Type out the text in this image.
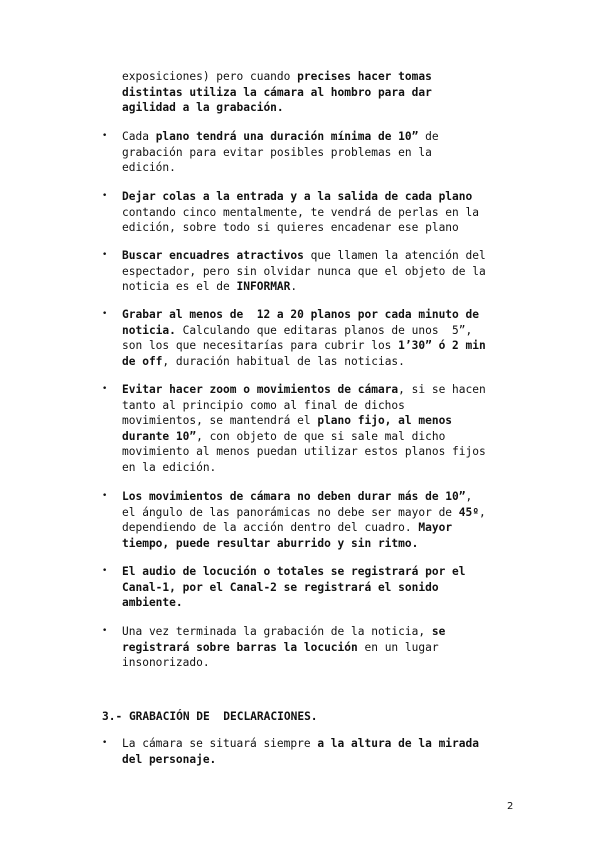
exposiciones) pero cuando precises hacer tomas
distintas utiliza la cámara al hombro para dar
agilidad a la grabación.
• Cada plano tendrá una duración mínima de 10” de
grabación para evitar posibles problemas en la
edición.
• Dejar colas a la entrada y a la salida de cada plano
contando cinco mentalmente, te vendrá de perlas en la
edición, sobre todo si quieres encadenar ese plano
• Buscar encuadres atractivos que llamen la atención del
espectador, pero sin olvidar nunca que el objeto de la
noticia es el de INFORMAR.
• Grabar al menos de  12 a 20 planos por cada minuto de
noticia. Calculando que editaras planos de unos  5”,
son los que necesitarías para cubrir los 1’30” ó 2 min
de off, duración habitual de las noticias.
• Evitar hacer zoom o movimientos de cámara, si se hacen
tanto al principio como al final de dichos
movimientos, se mantendrá el plano fijo, al menos
durante 10”, con objeto de que si sale mal dicho
movimiento al menos puedan utilizar estos planos fijos
en la edición.
• Los movimientos de cámara no deben durar más de 10”,
el ángulo de las panorámicas no debe ser mayor de 45º,
dependiendo de la acción dentro del cuadro. Mayor
tiempo, puede resultar aburrido y sin ritmo.
• El audio de locución o totales se registrará por el
Canal-1, por el Canal-2 se registrará el sonido
ambiente.
• Una vez terminada la grabación de la noticia, se
registrará sobre barras la locución en un lugar
insonorizado.
3.- GRABACIÓN DE  DECLARACIONES.
• La cámara se situará siempre a la altura de la mirada
del personaje.
2
